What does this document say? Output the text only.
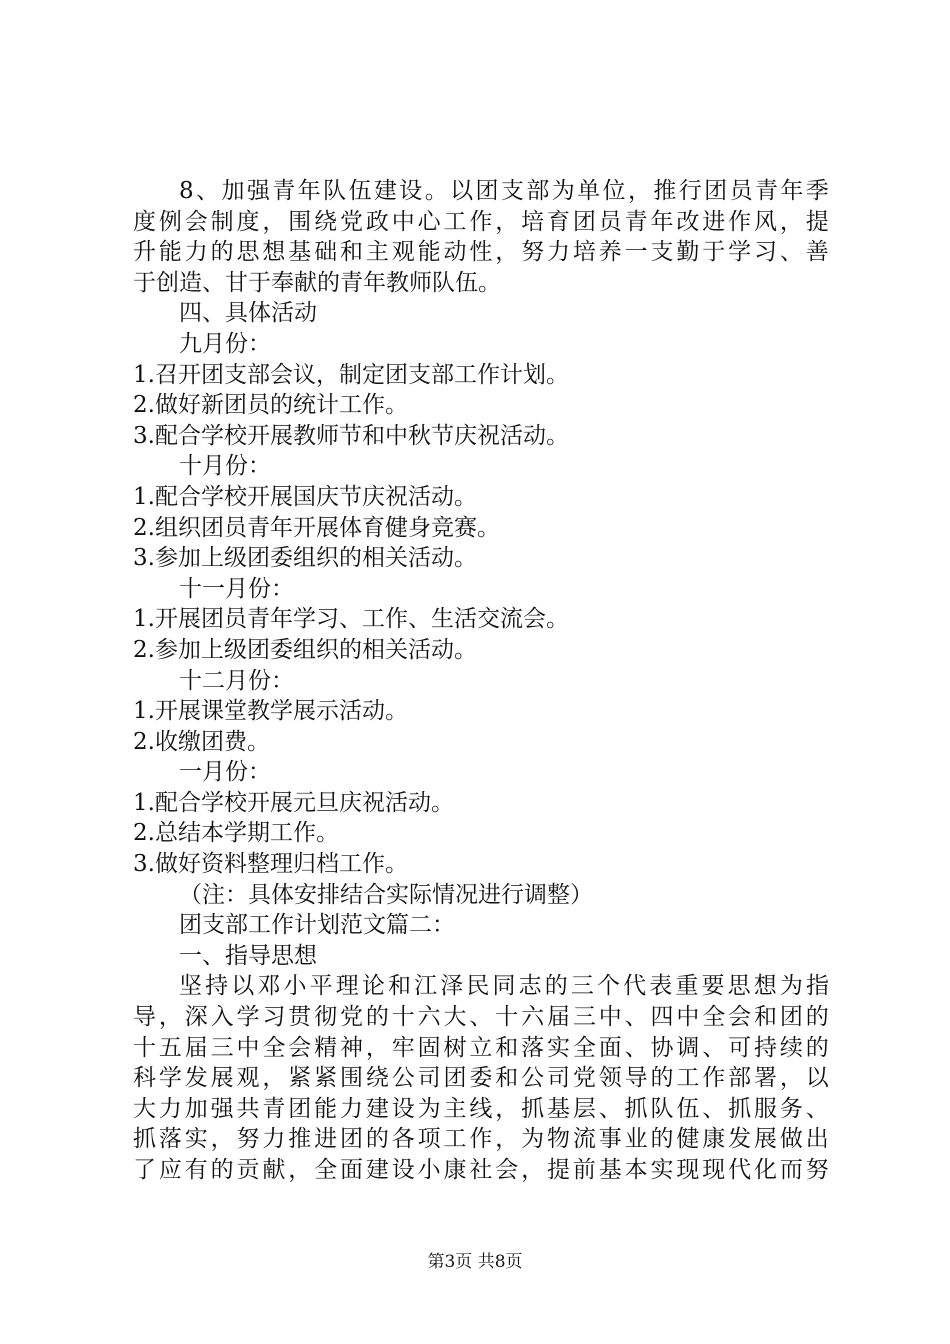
8 、 加 强 青 年 队 伍 建 设 。 以 团 支 部 为 单 位 ， 推 行 团 员 青 年 季
度 例 会 制 度 ， 围 绕 党 政 中 心 工 作 ， 培 育 团 员 青 年 改 进 作 风 ， 提
升 能 力 的 思 想 基 础 和 主 观 能 动 性 ， 努 力 培 养 一 支 勤 于 学 习 、 善
于创造、甘于奉献的青年教师队伍。
四、具体活动
九月份：
1.召开团支部会议，制定团支部工作计划。
2.做好新团员的统计工作。
3.配合学校开展教师节和中秋节庆祝活动。
十月份：
1.配合学校开展国庆节庆祝活动。
2.组织团员青年开展体育健身竞赛。
3.参加上级团委组织的相关活动。
十一月份：
1.开展团员青年学习、工作、生活交流会。
2.参加上级团委组织的相关活动。
十二月份：
1.开展课堂教学展示活动。
2.收缴团费。
一月份：
1.配合学校开展元旦庆祝活动。
2.总结本学期工作。
3.做好资料整理归档工作。
（注：具体安排结合实际情况进行调整）
团支部工作计划范文篇二：
一、指导思想
坚 持 以 邓 小 平 理 论 和 江 泽 民 同 志 的 三 个 代 表 重 要 思 想 为 指
导 ， 深 入 学 习 贯 彻 党 的 十 六 大 、 十 六 届 三 中 、 四 中 全 会 和 团 的
十 五 届 三 中 全 会 精 神 ， 牢 固 树 立 和 落 实 全 面 、 协 调 、 可 持 续 的
科 学 发 展 观 ， 紧 紧 围 绕 公 司 团 委 和 公 司 党 领 导 的 工 作 部 署 ， 以
大 力 加 强 共 青 团 能 力 建 设 为 主 线 ， 抓 基 层 、 抓 队 伍 、 抓 服 务 、
抓 落 实 ， 努 力 推 进 团 的 各 项 工 作 ， 为 物 流 事 业 的 健 康 发 展 做 出
了 应 有 的 贡 献 ， 全 面 建 设 小 康 社 会 ， 提 前 基 本 实 现 现 代 化 而 努
第3页 共8页
